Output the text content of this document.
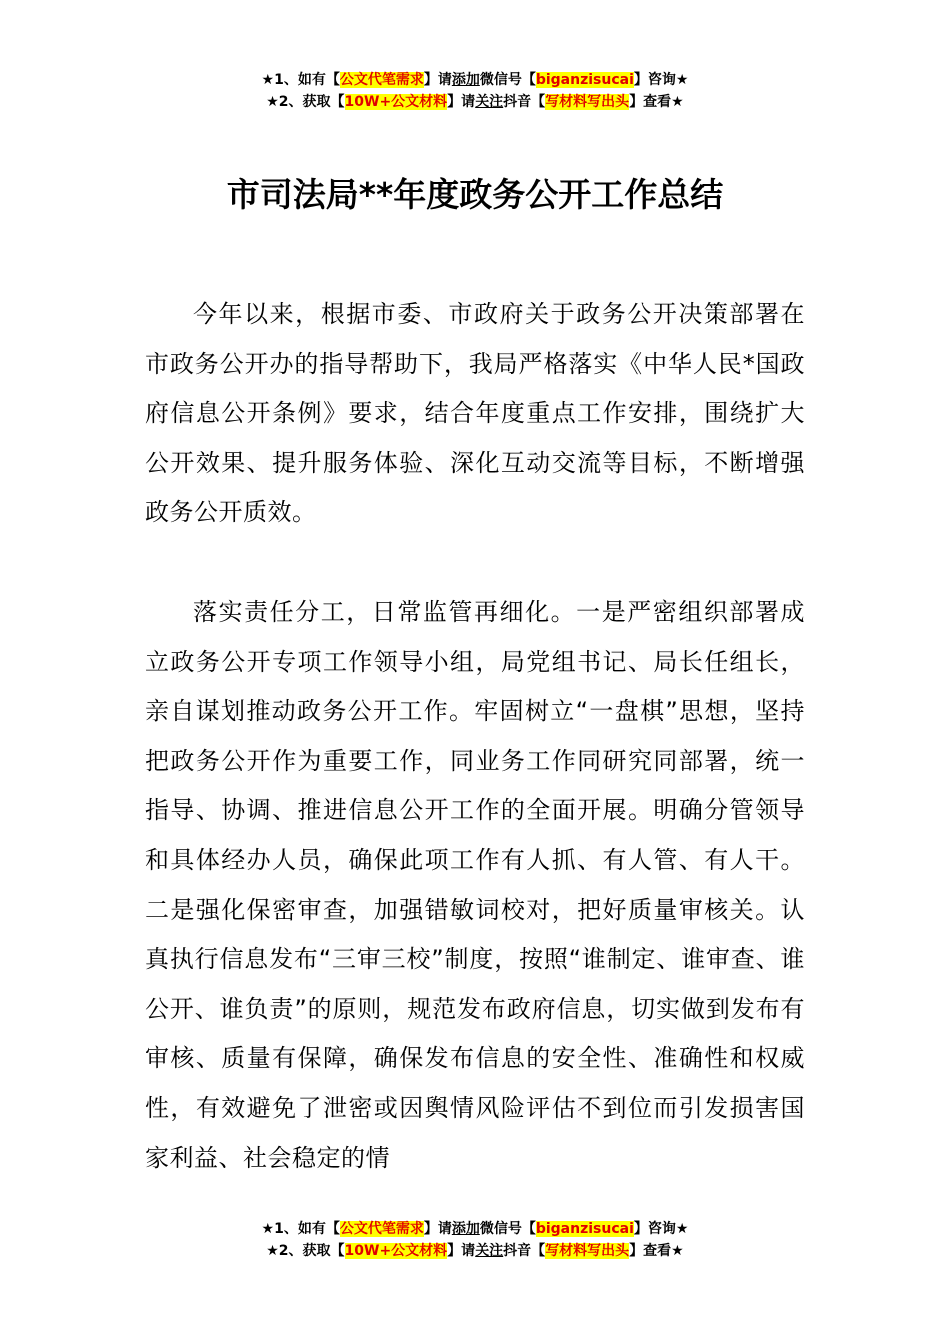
★1、如有【公文代笔需求】请添加微信号【biganzisucai】咨询★
★2、获取【10W+公文材料】请关注抖音【写材料写出头】查看★
市司法局**年度政务公开工作总结

今年以来，根据市委、市政府关于政务公开决策部署在市政务公开办的指导帮助下，我局严格落实《中华人民*国政府信息公开条例》要求，结合年度重点工作安排，围绕扩大公开效果、提升服务体验、深化互动交流等目标，不断增强政务公开质效。

落实责任分工，日常监管再细化。一是严密组织部署成立政务公开专项工作领导小组，局党组书记、局长任组长，亲自谋划推动政务公开工作。牢固树立“一盘棋”思想，坚持把政务公开作为重要工作，同业务工作同研究同部署，统一指导、协调、推进信息公开工作的全面开展。明确分管领导和具体经办人员，确保此项工作有人抓、有人管、有人干。二是强化保密审查，加强错敏词校对，把好质量审核关。认真执行信息发布“三审三校”制度，按照“谁制定、谁审查、谁公开、谁负责”的原则，规范发布政府信息，切实做到发布有审核、质量有保障，确保发布信息的安全性、准确性和权威性，有效避免了泄密或因舆情风险评估不到位而引发损害国家利益、社会稳定的情

★1、如有【公文代笔需求】请添加微信号【biganzisucai】咨询★
★2、获取【10W+公文材料】请关注抖音【写材料写出头】查看★
